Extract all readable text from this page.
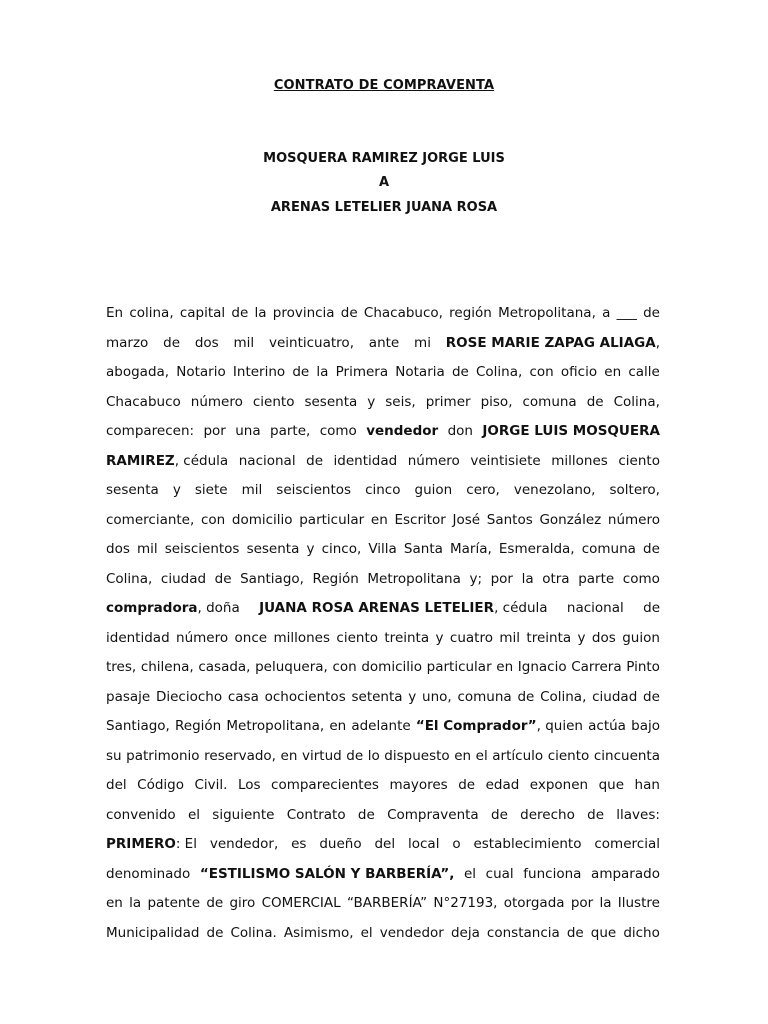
CONTRATO DE COMPRAVENTA
MOSQUERA RAMIREZ JORGE LUIS
A
ARENAS LETELIER JUANA ROSA
En colina, capital de la provincia de Chacabuco, región Metropolitana, a ___ de
marzo de dos mil veinticuatro, ante mi ROSE MARIE ZAPAG ALIAGA,
abogada, Notario Interino de la Primera Notaria de Colina, con oficio en calle
Chacabuco número ciento sesenta y seis, primer piso, comuna de Colina,
comparecen: por una parte, como vendedor don JORGE LUIS MOSQUERA
RAMIREZ, cédula nacional de identidad número veintisiete millones ciento
sesenta y siete mil seiscientos cinco guion cero, venezolano, soltero,
comerciante, con domicilio particular en Escritor José Santos González número
dos mil seiscientos sesenta y cinco, Villa Santa María, Esmeralda, comuna de
Colina, ciudad de Santiago, Región Metropolitana y; por la otra parte como
compradora, doña JUANA ROSA ARENAS LETELIER, cédula nacional de
identidad número once millones ciento treinta y cuatro mil treinta y dos guion
tres, chilena, casada, peluquera, con domicilio particular en Ignacio Carrera Pinto
pasaje Dieciocho casa ochocientos setenta y uno, comuna de Colina, ciudad de
Santiago, Región Metropolitana, en adelante “El Comprador”, quien actúa bajo
su patrimonio reservado, en virtud de lo dispuesto en el artículo ciento cincuenta
del Código Civil. Los comparecientes mayores de edad exponen que han
convenido el siguiente Contrato de Compraventa de derecho de llaves:
PRIMERO: El vendedor, es dueño del local o establecimiento comercial
denominado “ESTILISMO SALÓN Y BARBERÍA”, el cual funciona amparado
en la patente de giro COMERCIAL “BARBERÍA” N°27193, otorgada por la Ilustre
Municipalidad de Colina. Asimismo, el vendedor deja constancia de que dicho
